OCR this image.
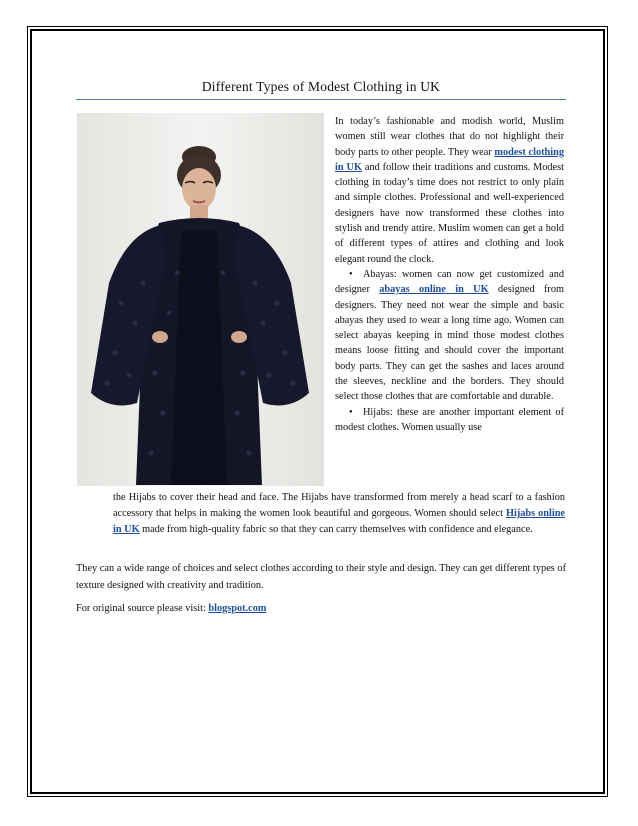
Different Types of Modest Clothing in UK

In today’s fashionable and modish world, Muslim women still wear clothes that do not highlight their body parts to other people. They wear modest clothing in UK and follow their traditions and customs. Modest clothing in today’s time does not restrict to only plain and simple clothes. Professional and well-experienced designers have now transformed these clothes into stylish and trendy attire. Muslim women can get a hold of different types of attires and clothing and look elegant round the clock.

• Abayas: women can now get customized and designer abayas online in UK designed from designers. They need not wear the simple and basic abayas they used to wear a long time ago. Women can select abayas keeping in mind those modest clothes means loose fitting and should cover the important body parts. They can get the sashes and laces around the sleeves, neckline and the borders. They should select those clothes that are comfortable and durable.

• Hijabs: these are another important element of modest clothes. Women usually use

the Hijabs to cover their head and face. The Hijabs have transformed from merely a head scarf to a fashion accessory that helps in making the women look beautiful and gorgeous. Women should select Hijabs online in UK made from high-quality fabric so that they can carry themselves with confidence and elegance.
They can a wide range of choices and select clothes according to their style and design. They can get different types of texture designed with creativity and tradition.
For original source please visit: blogspot.com
